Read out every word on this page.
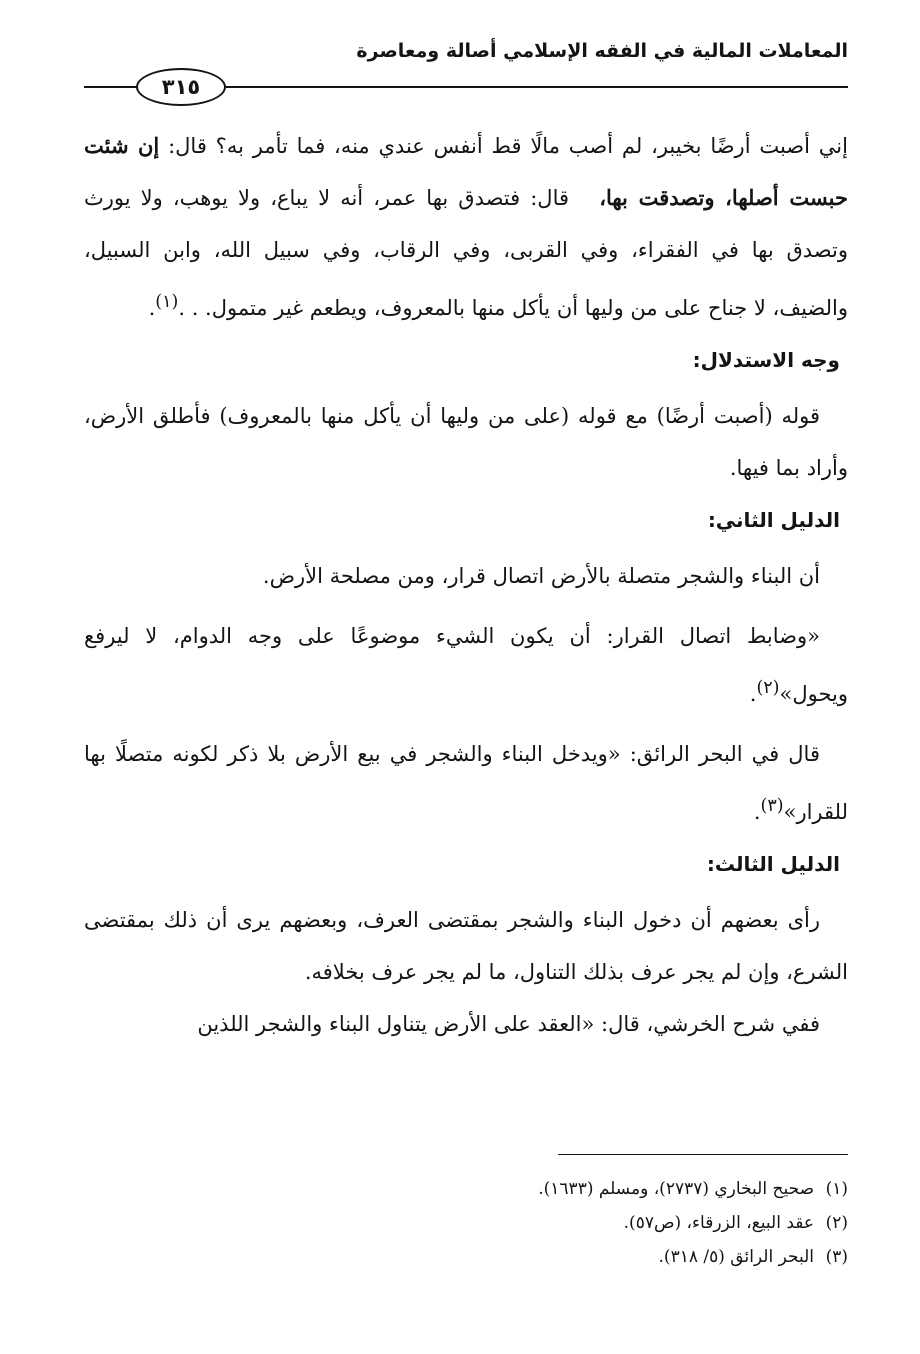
المعاملات المالية في الفقه الإسلامي أصالة ومعاصرة
٣١٥

إني أصبت أرضًا بخيبر، لم أصب مالًا قط أنفس عندي منه، فما تأمر به؟ قال: إن شئت حبست أصلها، وتصدقت بها،   قال: فتصدق بها عمر، أنه لا يباع، ولا يوهب، ولا يورث وتصدق بها في الفقراء، وفي القربى، وفي الرقاب، وفي سبيل الله، وابن السبيل، والضيف، لا جناح على من وليها أن يأكل منها بالمعروف، ويطعم غير متمول. . .$^{(١)}$.

وجه الاستدلال:

قوله (أصبت أرضًا) مع قوله (على من وليها أن يأكل منها بالمعروف) فأطلق الأرض، وأراد بما فيها.

الدليل الثاني:

أن البناء والشجر متصلة بالأرض اتصال قرار، ومن مصلحة الأرض.

«وضابط اتصال القرار: أن يكون الشيء موضوعًا على وجه الدوام، لا ليرفع ويحول»$^{(٢)}$.

قال في البحر الرائق: «ويدخل البناء والشجر في بيع الأرض بلا ذكر لكونه متصلًا بها للقرار»$^{(٣)}$.

الدليل الثالث:

رأى بعضهم أن دخول البناء والشجر بمقتضى العرف، وبعضهم يرى أن ذلك بمقتضى الشرع، وإن لم يجر عرف بذلك التناول، ما لم يجر عرف بخلافه.

ففي شرح الخرشي، قال: «العقد على الأرض يتناول البناء والشجر اللذين

(١)صحيح البخاري (٢٧٣٧)، ومسلم (١٦٣٣).
(٢)عقد البيع، الزرقاء، (ص٥٧).
(٣)البحر الرائق (٥/ ٣١٨).
